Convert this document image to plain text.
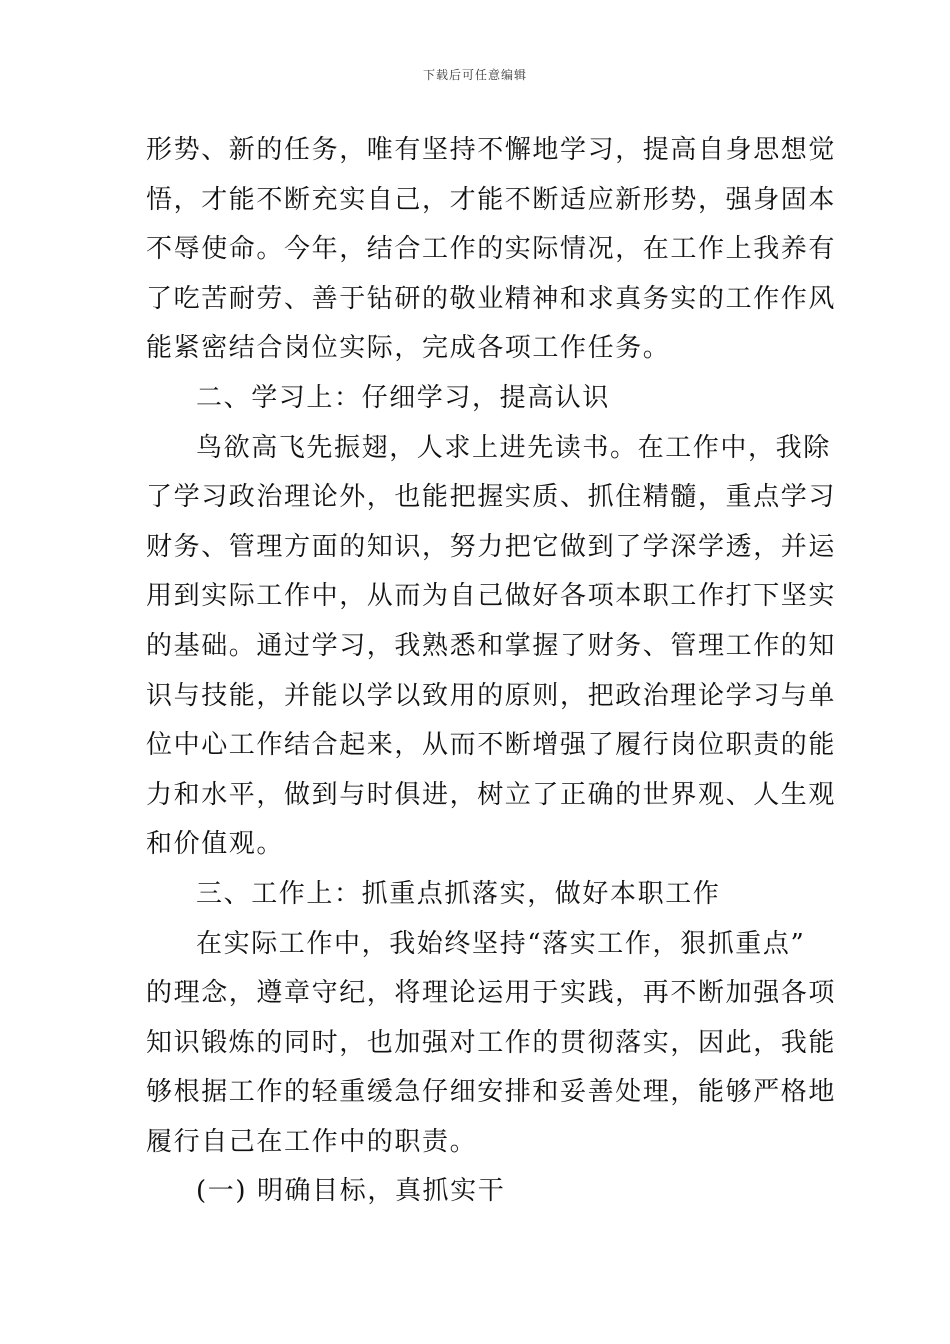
下载后可任意编辑
形势、新的任务，唯有坚持不懈地学习，提高自身思想觉
悟，才能不断充实自己，才能不断适应新形势，强身固本
不辱使命。今年，结合工作的实际情况，在工作上我养有
了吃苦耐劳、善于钻研的敬业精神和求真务实的工作作风
能紧密结合岗位实际，完成各项工作任务。
二、学习上：仔细学习，提高认识
鸟欲高飞先振翅，人求上进先读书。在工作中，我除
了学习政治理论外，也能把握实质、抓住精髓，重点学习
财务、管理方面的知识，努力把它做到了学深学透，并运
用到实际工作中，从而为自己做好各项本职工作打下坚实
的基础。通过学习，我熟悉和掌握了财务、管理工作的知
识与技能，并能以学以致用的原则，把政治理论学习与单
位中心工作结合起来，从而不断增强了履行岗位职责的能
力和水平，做到与时俱进，树立了正确的世界观、人生观
和价值观。
三、工作上：抓重点抓落实，做好本职工作
在实际工作中，我始终坚持“落实工作，狠抓重点”
的理念，遵章守纪，将理论运用于实践，再不断加强各项
知识锻炼的同时，也加强对工作的贯彻落实，因此，我能
够根据工作的轻重缓急仔细安排和妥善处理，能够严格地
履行自己在工作中的职责。
(一) 明确目标，真抓实干
